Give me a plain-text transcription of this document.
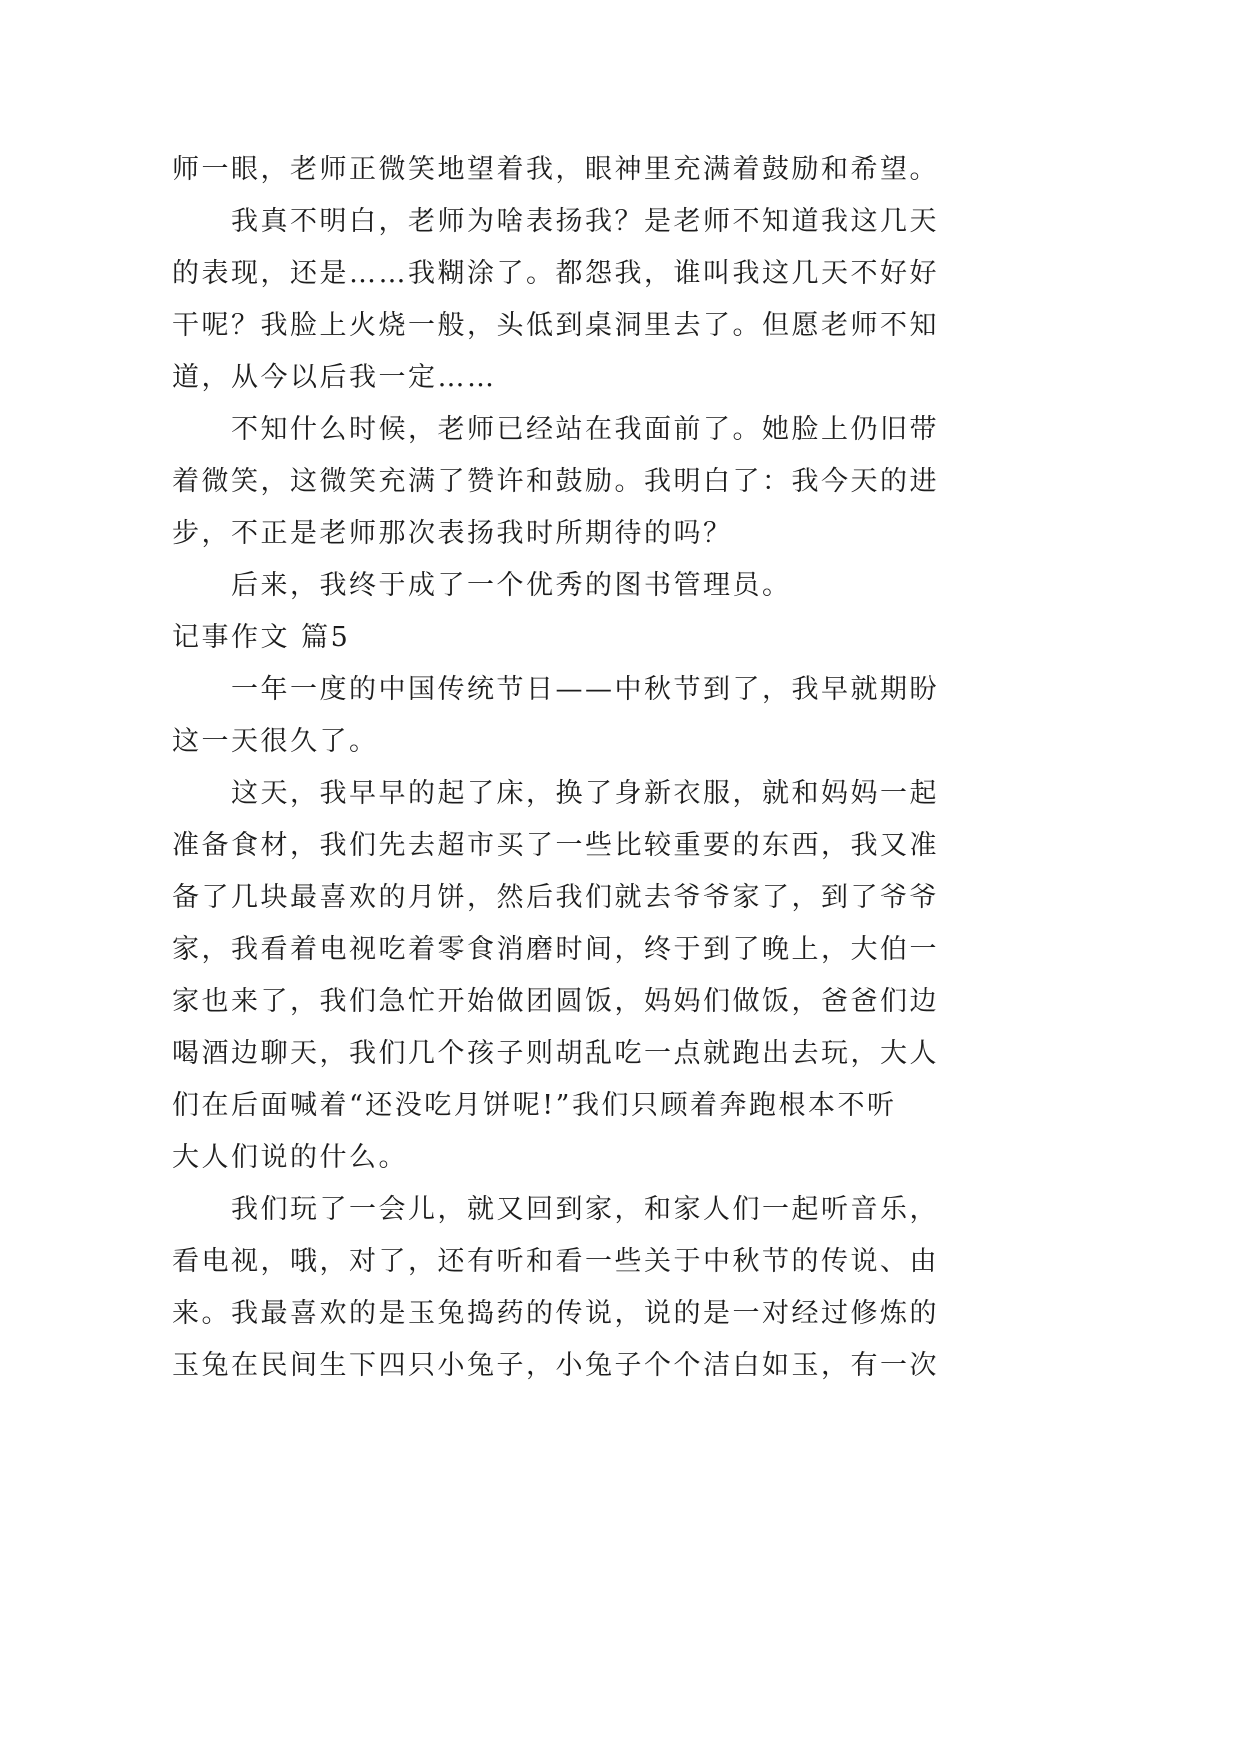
师一眼，老师正微笑地望着我，眼神里充满着鼓励和希望。
我真不明白，老师为啥表扬我？是老师不知道我这几天
的表现，还是……我糊涂了。都怨我，谁叫我这几天不好好
干呢？我脸上火烧一般，头低到桌洞里去了。但愿老师不知
道，从今以后我一定……
不知什么时候，老师已经站在我面前了。她脸上仍旧带
着微笑，这微笑充满了赞许和鼓励。我明白了：我今天的进
步，不正是老师那次表扬我时所期待的吗？
后来，我终于成了一个优秀的图书管理员。
记事作文 篇5
一年一度的中国传统节日——中秋节到了，我早就期盼
这一天很久了。
这天，我早早的起了床，换了身新衣服，就和妈妈一起
准备食材，我们先去超市买了一些比较重要的东西，我又准
备了几块最喜欢的月饼，然后我们就去爷爷家了，到了爷爷
家，我看着电视吃着零食消磨时间，终于到了晚上，大伯一
家也来了，我们急忙开始做团圆饭，妈妈们做饭，爸爸们边
喝酒边聊天，我们几个孩子则胡乱吃一点就跑出去玩，大人
们在后面喊着“还没吃月饼呢!”我们只顾着奔跑根本不听
大人们说的什么。
我们玩了一会儿，就又回到家，和家人们一起听音乐，
看电视，哦，对了，还有听和看一些关于中秋节的传说、由
来。我最喜欢的是玉兔捣药的传说，说的是一对经过修炼的
玉兔在民间生下四只小兔子，小兔子个个洁白如玉，有一次
